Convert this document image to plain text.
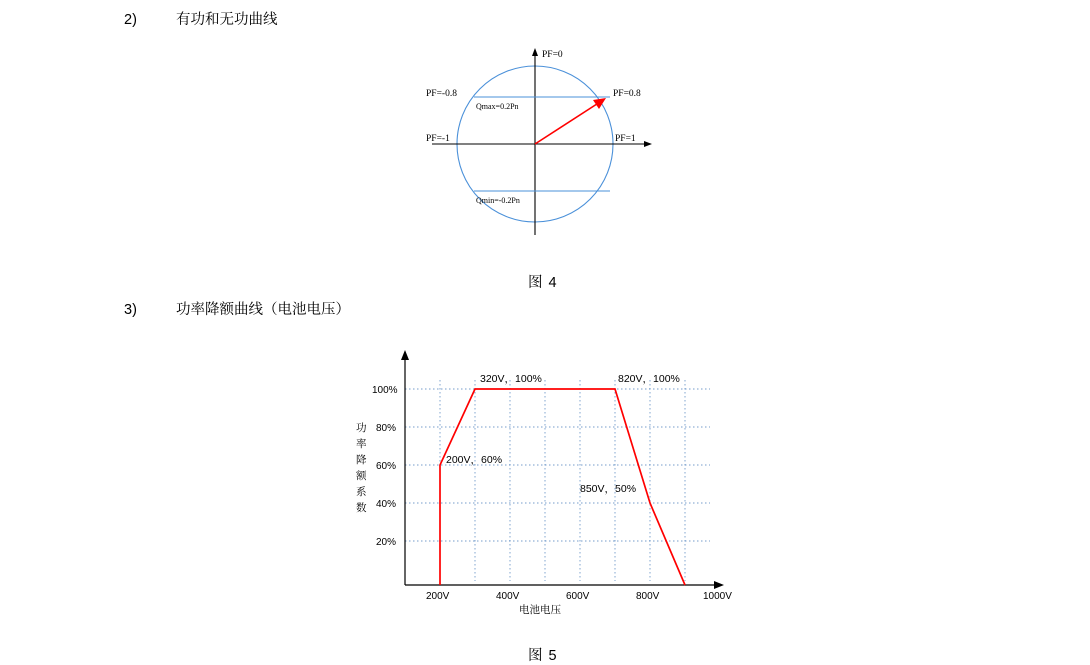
2)	有功和无功曲线
PF=0
PF=0.8
PF=-0.8
PF=1
PF=-1
Qmax=0.2Pn
Qmin=-0.2Pn
图 4
3)	功率降额曲线（电池电压）
100%
80%
60%
40%
20%
200V	400V	600V	800V	1000V
电池电压
功
率
降
额
系
数
320V，100%	820V，100%
200V，60%
850V，50%
图 5
